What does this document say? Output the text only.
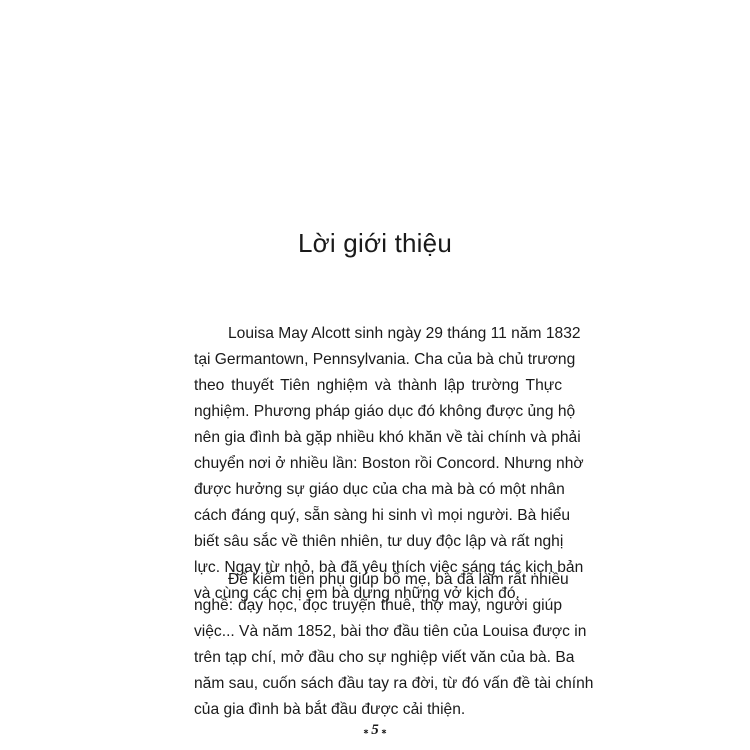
Lời giới thiệu
Louisa May Alcott sinh ngày 29 tháng 11 năm 1832
tại Germantown, Pennsylvania. Cha của bà chủ trương
theo thuyết Tiên nghiệm và thành lập trường Thực
nghiệm. Phương pháp giáo dục đó không được ủng hộ
nên gia đình bà gặp nhiều khó khăn về tài chính và phải
chuyển nơi ở nhiều lần: Boston rồi Concord. Nhưng nhờ
được hưởng sự giáo dục của cha mà bà có một nhân
cách đáng quý, sẵn sàng hi sinh vì mọi người. Bà hiểu
biết sâu sắc về thiên nhiên, tư duy độc lập và rất nghị
lực. Ngay từ nhỏ, bà đã yêu thích việc sáng tác kịch bản
và cùng các chị em bà dựng những vở kịch đó.
Để kiếm tiền phụ giúp bố mẹ, bà đã làm rất nhiều
nghề: dạy học, đọc truyện thuê, thợ may, người giúp
việc... Và năm 1852, bài thơ đầu tiên của Louisa được in
trên tạp chí, mở đầu cho sự nghiệp viết văn của bà. Ba
năm sau, cuốn sách đầu tay ra đời, từ đó vấn đề tài chính
của gia đình bà bắt đầu được cải thiện.
⁎ 5 ⁎
